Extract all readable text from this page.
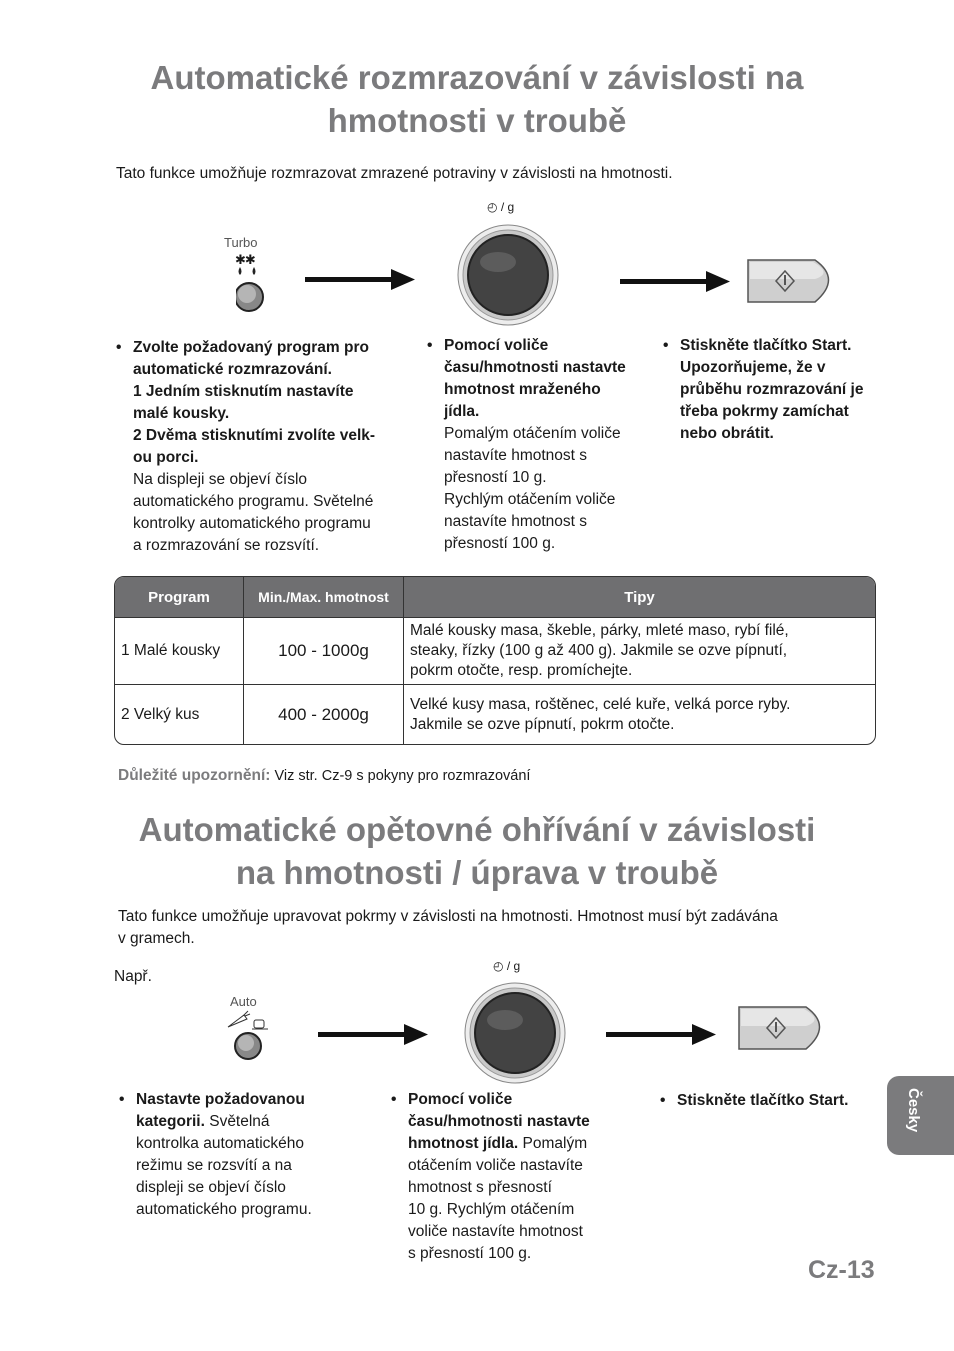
Automatické rozmrazování v závislosti na
hmotnosti v troubě
Tato funkce umožňuje rozmrazovat zmrazené potraviny v závislosti na hmotnosti.
Turbo
✱✱
◴ / g
• Zvolte požadovaný program pro
automatické rozmrazování.
1 Jedním stisknutím nastavíte
malé kousky.
2 Dvěma stisknutími zvolíte velk-
ou porci.
Na displeji se objeví číslo
automatického programu. Světelné
kontrolky automatického programu
a rozmrazování se rozsvítí.
• Pomocí voliče
času/hmotnosti nastavte
hmotnost mraženého
jídla.
Pomalým otáčením voliče
nastavíte hmotnost s
přesností 10 g.
Rychlým otáčením voliče
nastavíte hmotnost s
přesností 100 g.
• Stiskněte tlačítko Start.
Upozorňujeme, že v
průběhu rozmrazování je
třeba pokrmy zamíchat
nebo obrátit.
Program	Min./Max. hmotnost	Tipy
1 Malé kousky	100 - 1000g	Malé kousky masa, škeble, párky, mleté maso, rybí filé,
steaky, řízky (100 g až 400 g). Jakmile se ozve pípnutí,
pokrm otočte, resp. promíchejte.

2 Velký kus	400 - 2000g	Velké kusy masa, roštěnec, celé kuře, velká porce ryby.
Jakmile se ozve pípnutí, pokrm otočte.
Důležité upozornění: Viz str. Cz-9 s pokyny pro rozmrazování
Automatické opětovné ohřívání v závislosti
na hmotnosti / úprava v troubě
Tato funkce umožňuje upravovat pokrmy v závislosti na hmotnosti. Hmotnost musí být zadávána
v gramech.
Např.
Auto
◴ / g
• Nastavte požadovanou
kategorii. Světelná
kontrolka automatického
režimu se rozsvítí a na
displeji se objeví číslo
automatického programu.
• Pomocí voliče
času/hmotnosti nastavte
hmotnost jídla. Pomalým
otáčením voliče nastavíte
hmotnost s přesností
10 g. Rychlým otáčením
voliče nastavíte hmotnost
s přesností 100 g.
• Stiskněte tlačítko Start.	Česky
Cz-13
